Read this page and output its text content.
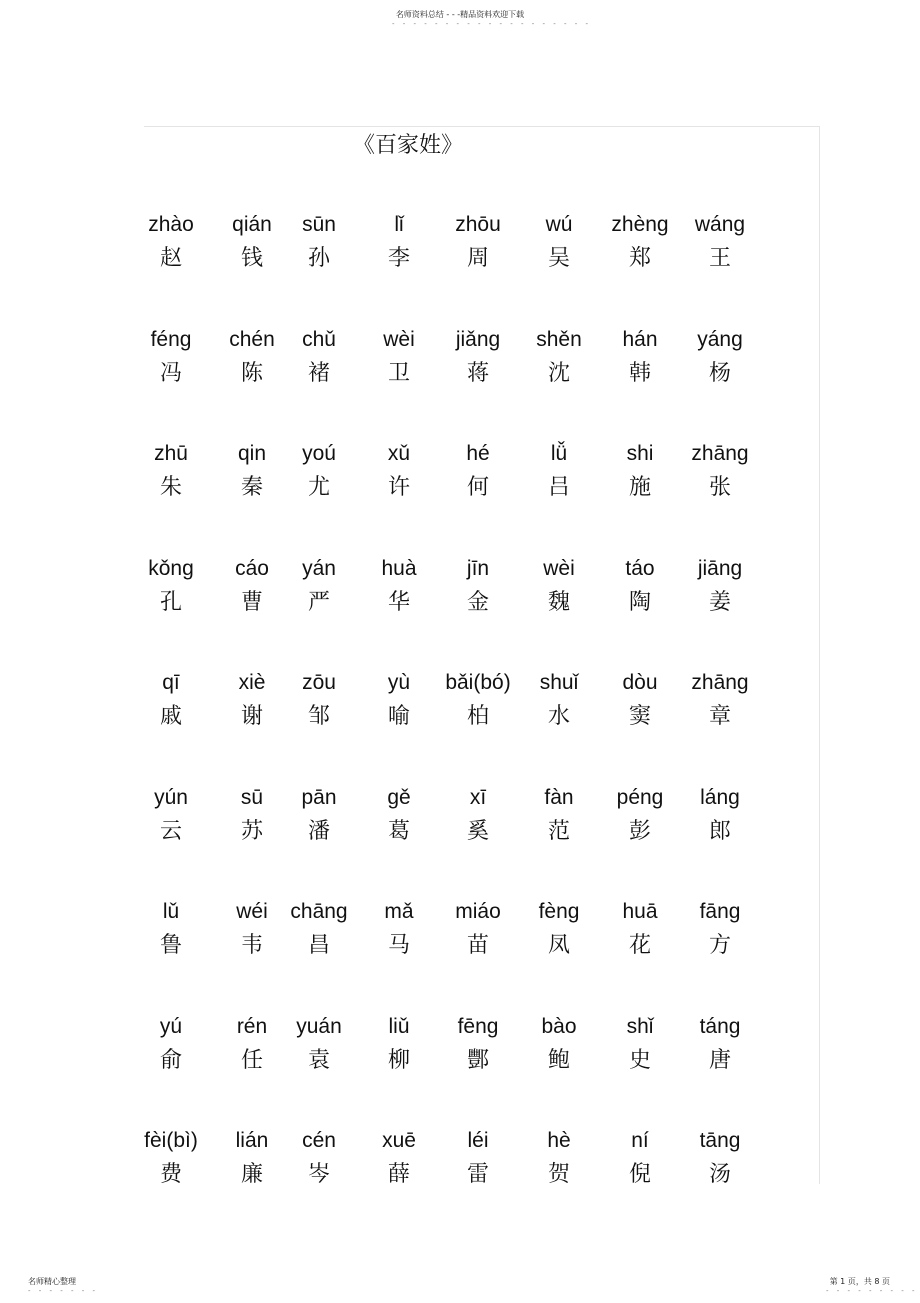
名师资料总结 - - -精品资料欢迎下载
- - - - - - - - - - - - - - - - - - -
《百家姓》
zhào
赵
qián
钱
sūn
孙
lǐ
李
zhōu
周
wú
吴
zhèng
郑
wáng
王
féng
冯
chén
陈
chǔ
褚
wèi
卫
jiǎng
蒋
shěn
沈
hán
韩
yáng
杨
zhū
朱
qin
秦
yoú
尤
xǔ
许
hé
何
lǚ
吕
shi
施
zhāng
张
kǒng
孔
cáo
曹
yán
严
huà
华
jīn
金
wèi
魏
táo
陶
jiāng
姜
qī
戚
xiè
谢
zōu
邹
yù
喻
bǎi(bó)
柏
shuǐ
水
dòu
窦
zhāng
章
yún
云
sū
苏
pān
潘
gě
葛
xī
奚
fàn
范
péng
彭
láng
郎
lǔ
鲁
wéi
韦
chāng
昌
mǎ
马
miáo
苗
fèng
凤
huā
花
fāng
方
yú
俞
rén
任
yuán
袁
liǔ
柳
fēng
酆
bào
鲍
shǐ
史
táng
唐
fèi(bì)
费
lián
廉
cén
岑
xuē
薛
léi
雷
hè
贺
ní
倪
tāng
汤
名师精心整理
- - - - - - -
第 1 页，共 8 页
- - - - - - - - -
